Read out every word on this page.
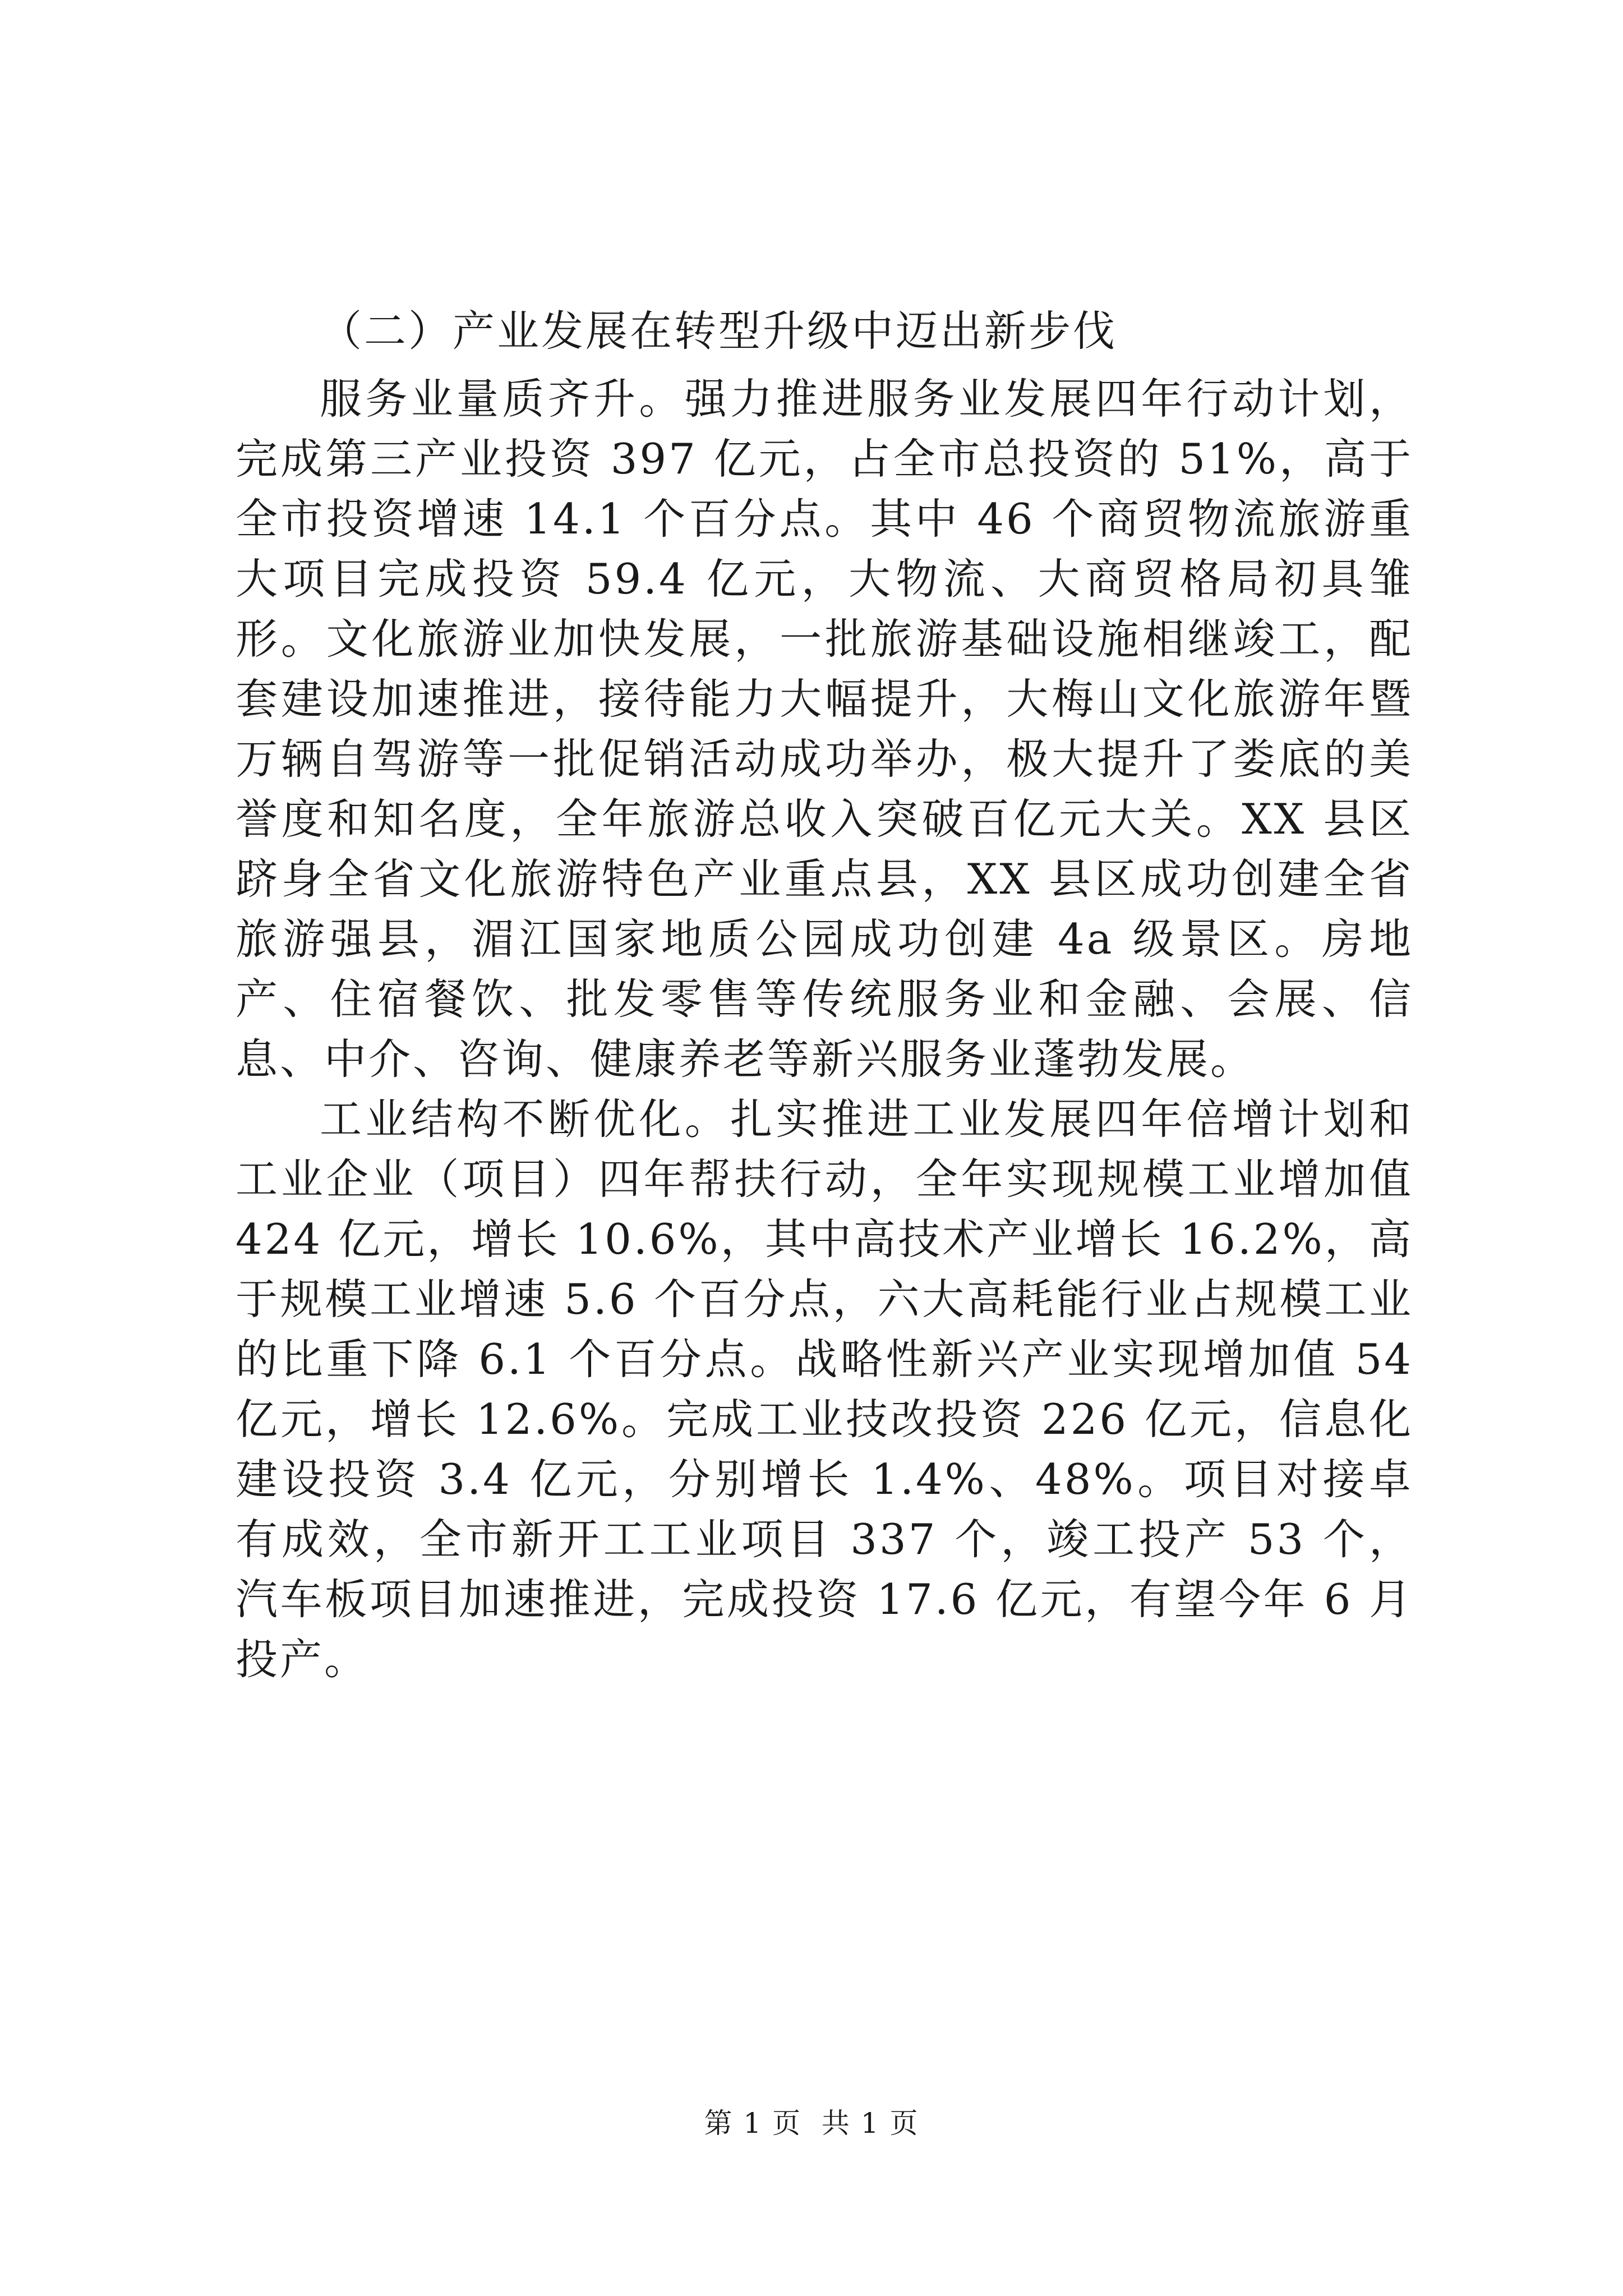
（二）产业发展在转型升级中迈出新步伐

服务业量质齐升。强力推进服务业发展四年行动计划，完成第三产业投资 397 亿元，占全市总投资的 51%，高于全市投资增速 14.1 个百分点。其中 46 个商贸物流旅游重大项目完成投资 59.4 亿元，大物流、大商贸格局初具雏形。文化旅游业加快发展，一批旅游基础设施相继竣工，配套建设加速推进，接待能力大幅提升，大梅山文化旅游年暨万辆自驾游等一批促销活动成功举办，极大提升了娄底的美誉度和知名度，全年旅游总收入突破百亿元大关。XX 县区跻身全省文化旅游特色产业重点县，XX 县区成功创建全省旅游强县，湄江国家地质公园成功创建 4a 级景区。房地产、住宿餐饮、批发零售等传统服务业和金融、会展、信息、中介、咨询、健康养老等新兴服务业蓬勃发展。

工业结构不断优化。扎实推进工业发展四年倍增计划和工业企业（项目）四年帮扶行动，全年实现规模工业增加值 424 亿元，增长 10.6%，其中高技术产业增长 16.2%，高于规模工业增速 5.6 个百分点，六大高耗能行业占规模工业的比重下降 6.1 个百分点。战略性新兴产业实现增加值 54 亿元，增长 12.6%。完成工业技改投资 226 亿元，信息化建设投资 3.4 亿元，分别增长 1.4%、48%。项目对接卓有成效，全市新开工工业项目 337 个，竣工投产 53 个，汽车板项目加速推进，完成投资 17.6 亿元，有望今年 6 月投产。

第 1 页  共 1 页
